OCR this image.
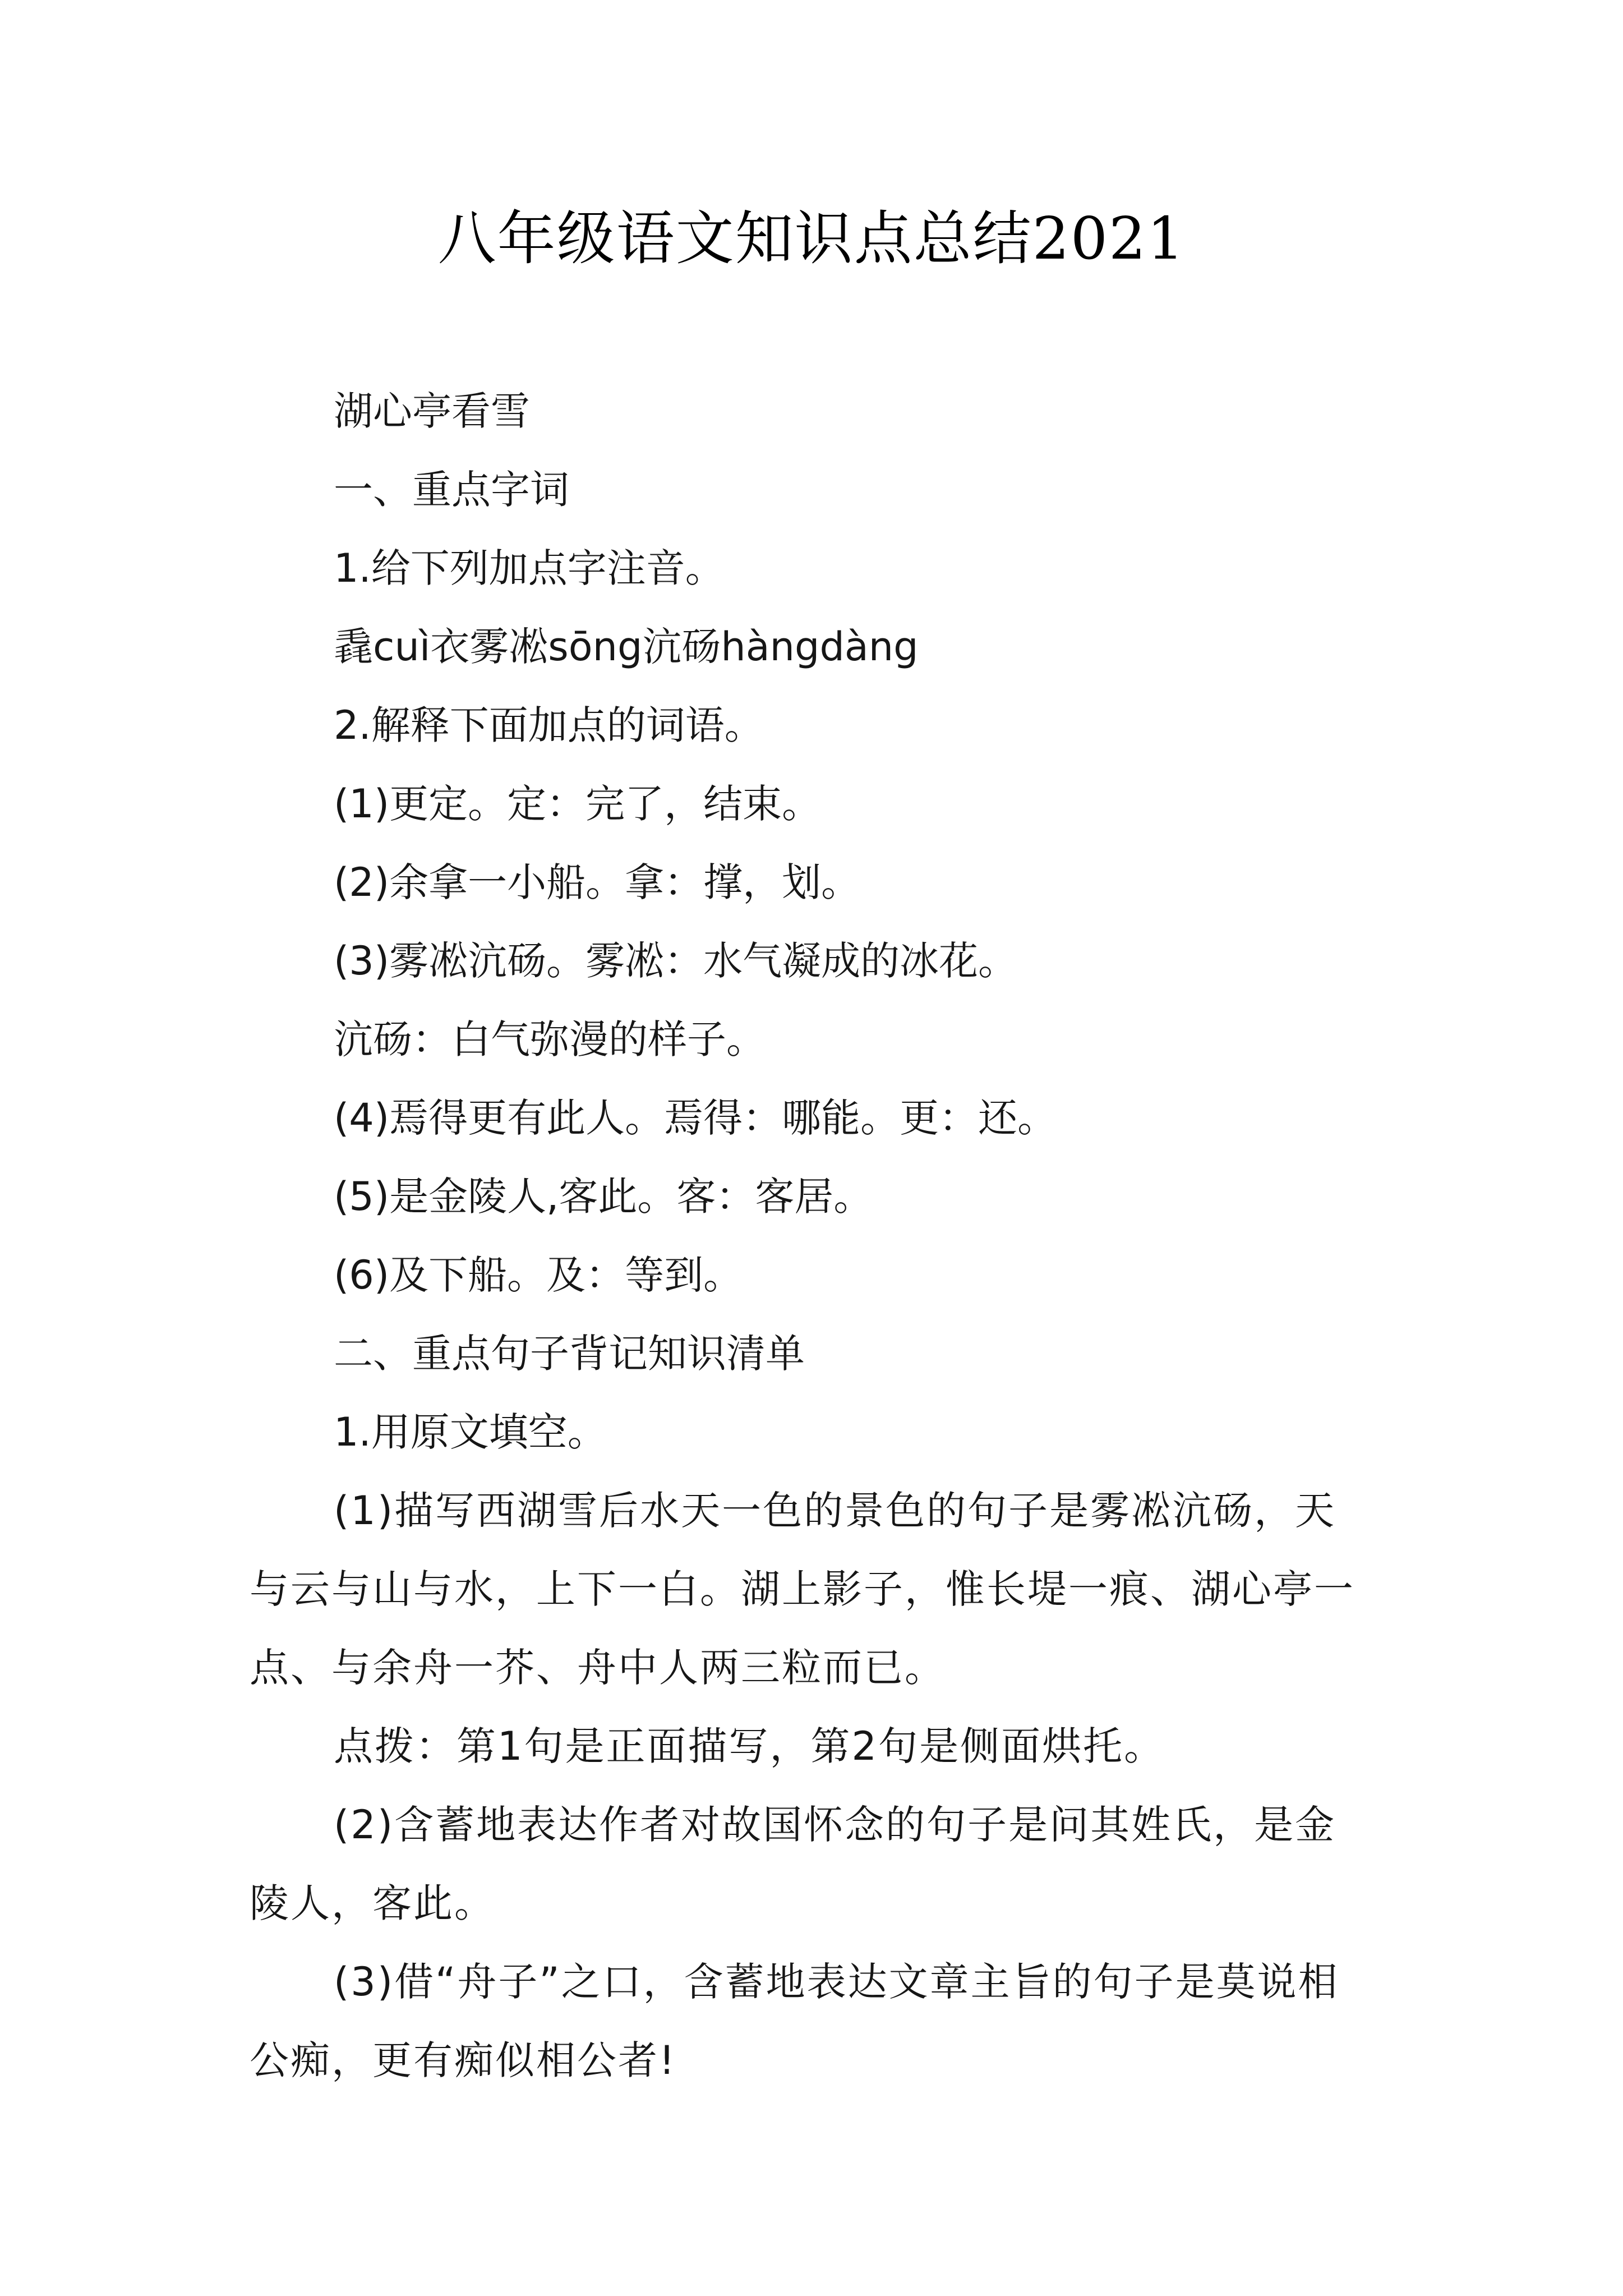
八年级语文知识点总结2021

湖心亭看雪

一、重点字词

1.给下列加点字注音。

毳cuì衣雾凇sōng沆砀hàngdàng

2.解释下面加点的词语。

(1)更定。定：完了，结束。

(2)余拿一小船。拿：撑，划。

(3)雾凇沆砀。雾凇：水气凝成的冰花。

沆砀：白气弥漫的样子。

(4)焉得更有此人。焉得：哪能。更：还。

(5)是金陵人,客此。客：客居。

(6)及下船。及：等到。

二、重点句子背记知识清单

1.用原文填空。

(1)描写西湖雪后水天一色的景色的句子是雾凇沆砀，天与云与山与水，上下一白。湖上影子，惟长堤一痕、湖心亭一点、与余舟一芥、舟中人两三粒而已。

点拨：第1句是正面描写，第2句是侧面烘托。

(2)含蓄地表达作者对故国怀念的句子是问其姓氏，是金陵人，客此。

(3)借“舟子”之口，含蓄地表达文章主旨的句子是莫说相公痴，更有痴似相公者!
